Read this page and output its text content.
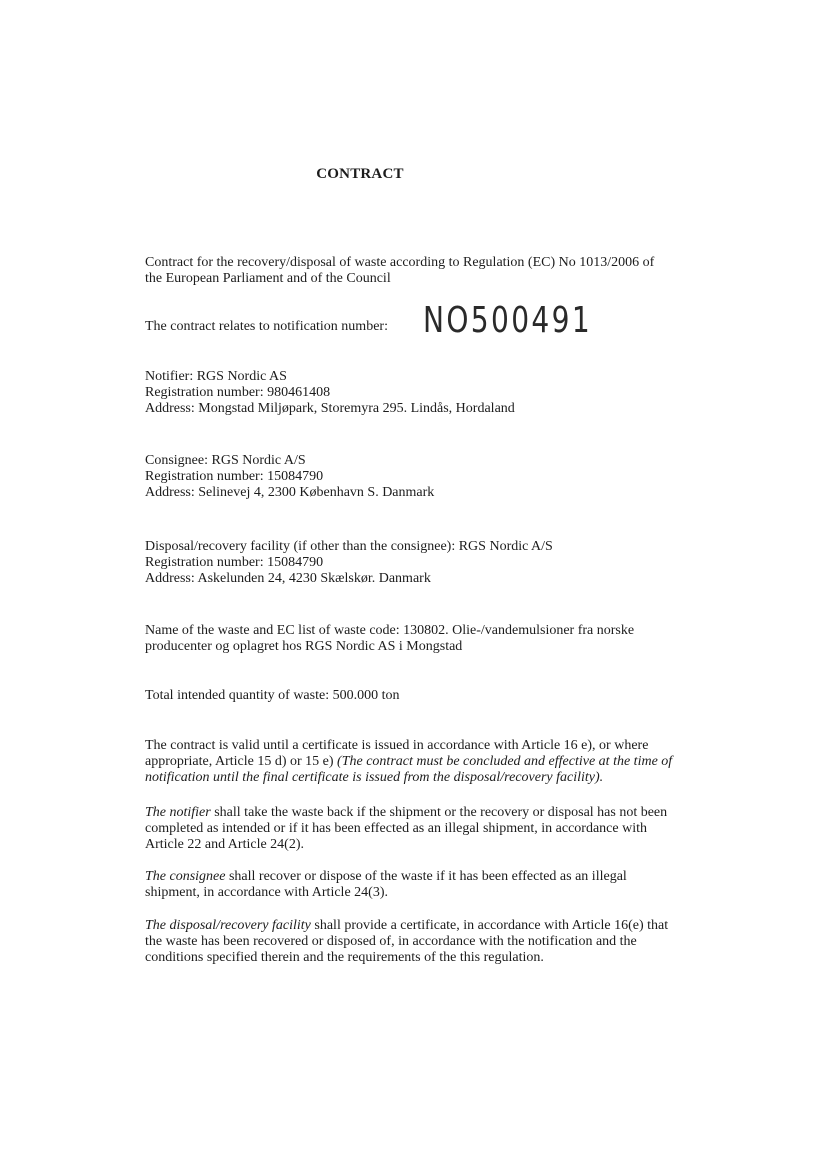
CONTRACT
Contract for the recovery/disposal of waste according to Regulation (EC) No 1013/2006 of
the European Parliament and of the Council
The contract relates to notification number: NO500491
Notifier: RGS Nordic AS
Registration number: 980461408
Address: Mongstad Miljøpark, Storemyra 295. Lindås, Hordaland
Consignee: RGS Nordic A/S
Registration number: 15084790
Address: Selinevej 4, 2300 København S. Danmark
Disposal/recovery facility (if other than the consignee): RGS Nordic A/S
Registration number: 15084790
Address: Askelunden 24, 4230 Skælskør. Danmark
Name of the waste and EC list of waste code: 130802. Olie-/vandemulsioner fra norske
producenter og oplagret hos RGS Nordic AS i Mongstad
Total intended quantity of waste: 500.000 ton
The contract is valid until a certificate is issued in accordance with Article 16 e), or where
appropriate, Article 15 d) or 15 e) (The contract must be concluded and effective at the time of
notification until the final certificate is issued from the disposal/recovery facility).
The notifier shall take the waste back if the shipment or the recovery or disposal has not been
completed as intended or if it has been effected as an illegal shipment, in accordance with
Article 22 and Article 24(2).
The consignee shall recover or dispose of the waste if it has been effected as an illegal
shipment, in accordance with Article 24(3).
The disposal/recovery facility shall provide a certificate, in accordance with Article 16(e) that
the waste has been recovered or disposed of, in accordance with the notification and the
conditions specified therein and the requirements of the this regulation.
